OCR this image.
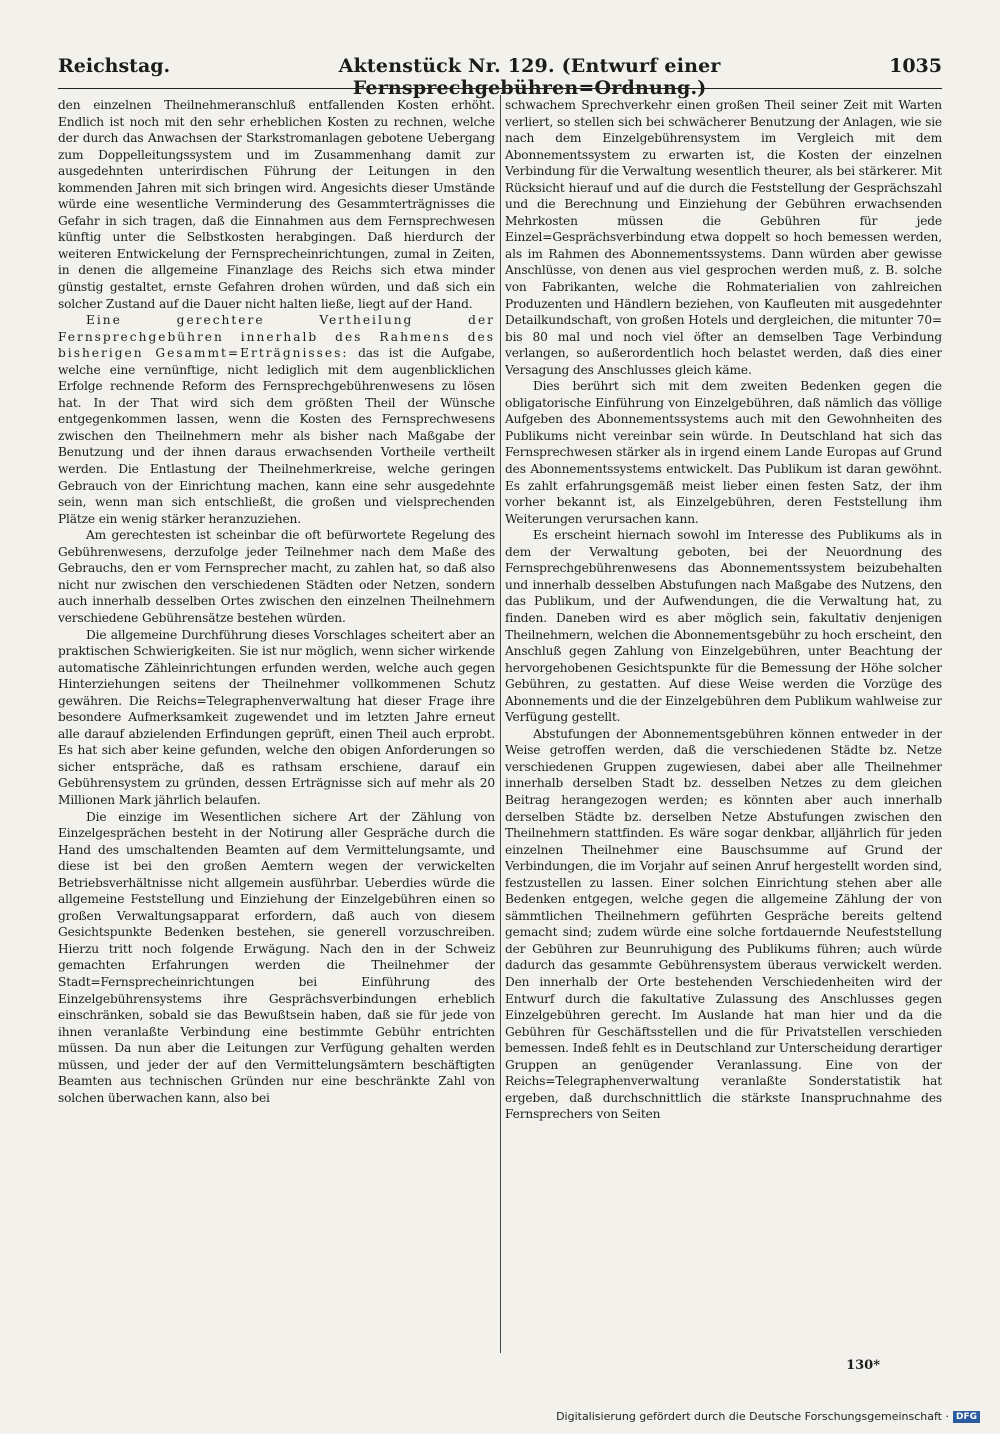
Reichstag.	Aktenstück Nr. 129. (Entwurf einer Fernsprechgebühren=Ordnung.)
1035

den einzelnen Theilnehmeranschluß entfallenden Kosten erhöht. Endlich ist noch mit den sehr erheblichen Kosten zu rechnen, welche der durch das Anwachsen der Starkstromanlagen gebotene Uebergang zum Doppelleitungssystem und im Zusammenhang damit zur ausgedehnten unterirdischen Führung der Leitungen in den kommenden Jahren mit sich bringen wird. Angesichts dieser Umstände würde eine wesentliche Verminderung des Gesammterträgnisses die Gefahr in sich tragen, daß die Einnahmen aus dem Fernsprechwesen künftig unter die Selbstkosten herabgingen. Daß hierdurch der weiteren Entwickelung der Fernsprecheinrichtungen, zumal in Zeiten, in denen die allgemeine Finanzlage des Reichs sich etwa minder günstig gestaltet, ernste Gefahren drohen würden, und daß sich ein solcher Zustand auf die Dauer nicht halten ließe, liegt auf der Hand.

Eine gerechtere Vertheilung der Fernsprechgebühren innerhalb des Rahmens des bisherigen Gesammt=Erträgnisses: das ist die Aufgabe, welche eine vernünftige, nicht lediglich mit dem augenblicklichen Erfolge rechnende Reform des Fernsprechgebührenwesens zu lösen hat. In der That wird sich dem größten Theil der Wünsche entgegenkommen lassen, wenn die Kosten des Fernsprechwesens zwischen den Theilnehmern mehr als bisher nach Maßgabe der Benutzung und der ihnen daraus erwachsenden Vortheile vertheilt werden. Die Entlastung der Theilnehmerkreise, welche geringen Gebrauch von der Einrichtung machen, kann eine sehr ausgedehnte sein, wenn man sich entschließt, die großen und vielsprechenden Plätze ein wenig stärker heranzuziehen.

Am gerechtesten ist scheinbar die oft befürwortete Regelung des Gebührenwesens, derzufolge jeder Teilnehmer nach dem Maße des Gebrauchs, den er vom Fernsprecher macht, zu zahlen hat, so daß also nicht nur zwischen den verschiedenen Städten oder Netzen, sondern auch innerhalb desselben Ortes zwischen den einzelnen Theilnehmern verschiedene Gebührensätze bestehen würden.

Die allgemeine Durchführung dieses Vorschlages scheitert aber an praktischen Schwierigkeiten. Sie ist nur möglich, wenn sicher wirkende automatische Zähleinrichtungen erfunden werden, welche auch gegen Hinterziehungen seitens der Theilnehmer vollkommenen Schutz gewähren. Die Reichs=Telegraphenverwaltung hat dieser Frage ihre besondere Aufmerksamkeit zugewendet und im letzten Jahre erneut alle darauf abzielenden Erfindungen geprüft, einen Theil auch erprobt. Es hat sich aber keine gefunden, welche den obigen Anforderungen so sicher entspräche, daß es rathsam erschiene, darauf ein Gebührensystem zu gründen, dessen Erträgnisse sich auf mehr als 20 Millionen Mark jährlich belaufen.

Die einzige im Wesentlichen sichere Art der Zählung von Einzelgesprächen besteht in der Notirung aller Gespräche durch die Hand des umschaltenden Beamten auf dem Vermittelungsamte, und diese ist bei den großen Aemtern wegen der verwickelten Betriebsverhältnisse nicht allgemein ausführbar. Ueberdies würde die allgemeine Feststellung und Einziehung der Einzelgebühren einen so großen Verwaltungsapparat erfordern, daß auch von diesem Gesichtspunkte Bedenken bestehen, sie generell vorzuschreiben. Hierzu tritt noch folgende Erwägung. Nach den in der Schweiz gemachten Erfahrungen werden die Theilnehmer der Stadt=Fernsprecheinrichtungen bei Einführung des Einzelgebührensystems ihre Gesprächsverbindungen erheblich einschränken, sobald sie das Bewußtsein haben, daß sie für jede von ihnen veranlaßte Verbindung eine bestimmte Gebühr entrichten müssen. Da nun aber die Leitungen zur Verfügung gehalten werden müssen, und jeder der auf den Vermittelungsämtern beschäftigten Beamten aus technischen Gründen nur eine beschränkte Zahl von solchen überwachen kann, also bei

schwachem Sprechverkehr einen großen Theil seiner Zeit mit Warten verliert, so stellen sich bei schwächerer Benutzung der Anlagen, wie sie nach dem Einzelgebührensystem im Vergleich mit dem Abonnementssystem zu erwarten ist, die Kosten der einzelnen Verbindung für die Verwaltung wesentlich theurer, als bei stärkerer. Mit Rücksicht hierauf und auf die durch die Feststellung der Gesprächszahl und die Berechnung und Einziehung der Gebühren erwachsenden Mehrkosten müssen die Gebühren für jede Einzel=Gesprächsverbindung etwa doppelt so hoch bemessen werden, als im Rahmen des Abonnementssystems. Dann würden aber gewisse Anschlüsse, von denen aus viel gesprochen werden muß, z. B. solche von Fabrikanten, welche die Rohmaterialien von zahlreichen Produzenten und Händlern beziehen, von Kaufleuten mit ausgedehnter Detailkundschaft, von großen Hotels und dergleichen, die mitunter 70= bis 80 mal und noch viel öfter an demselben Tage Verbindung verlangen, so außerordentlich hoch belastet werden, daß dies einer Versagung des Anschlusses gleich käme.

Dies berührt sich mit dem zweiten Bedenken gegen die obligatorische Einführung von Einzelgebühren, daß nämlich das völlige Aufgeben des Abonnementssystems auch mit den Gewohnheiten des Publikums nicht vereinbar sein würde. In Deutschland hat sich das Fernsprechwesen stärker als in irgend einem Lande Europas auf Grund des Abonnementssystems entwickelt. Das Publikum ist daran gewöhnt. Es zahlt erfahrungsgemäß meist lieber einen festen Satz, der ihm vorher bekannt ist, als Einzelgebühren, deren Feststellung ihm Weiterungen verursachen kann.

Es erscheint hiernach sowohl im Interesse des Publikums als in dem der Verwaltung geboten, bei der Neuordnung des Fernsprechgebührenwesens das Abonnementssystem beizubehalten und innerhalb desselben Abstufungen nach Maßgabe des Nutzens, den das Publikum, und der Aufwendungen, die die Verwaltung hat, zu finden. Daneben wird es aber möglich sein, fakultativ denjenigen Theilnehmern, welchen die Abonnementsgebühr zu hoch erscheint, den Anschluß gegen Zahlung von Einzelgebühren, unter Beachtung der hervorgehobenen Gesichtspunkte für die Bemessung der Höhe solcher Gebühren, zu gestatten. Auf diese Weise werden die Vorzüge des Abonnements und die der Einzelgebühren dem Publikum wahlweise zur Verfügung gestellt.

Abstufungen der Abonnementsgebühren können entweder in der Weise getroffen werden, daß die verschiedenen Städte bz. Netze verschiedenen Gruppen zugewiesen, dabei aber alle Theilnehmer innerhalb derselben Stadt bz. desselben Netzes zu dem gleichen Beitrag herangezogen werden; es könnten aber auch innerhalb derselben Städte bz. derselben Netze Abstufungen zwischen den Theilnehmern stattfinden. Es wäre sogar denkbar, alljährlich für jeden einzelnen Theilnehmer eine Bauschsumme auf Grund der Verbindungen, die im Vorjahr auf seinen Anruf hergestellt worden sind, festzustellen zu lassen. Einer solchen Einrichtung stehen aber alle Bedenken entgegen, welche gegen die allgemeine Zählung der von sämmtlichen Theilnehmern geführten Gespräche bereits geltend gemacht sind; zudem würde eine solche fortdauernde Neufeststellung der Gebühren zur Beunruhigung des Publikums führen; auch würde dadurch das gesammte Gebührensystem überaus verwickelt werden. Den innerhalb der Orte bestehenden Verschiedenheiten wird der Entwurf durch die fakultative Zulassung des Anschlusses gegen Einzelgebühren gerecht. Im Auslande hat man hier und da die Gebühren für Geschäftsstellen und die für Privatstellen verschieden bemessen. Indeß fehlt es in Deutschland zur Unterscheidung derartiger Gruppen an genügender Veranlassung. Eine von der Reichs=Telegraphenverwaltung veranlaßte Sonderstatistik hat ergeben, daß durchschnittlich die stärkste Inanspruchnahme des Fernsprechers von Seiten

130*
Digitalisierung gefördert durch die Deutsche Forschungsgemeinschaft · DFG
